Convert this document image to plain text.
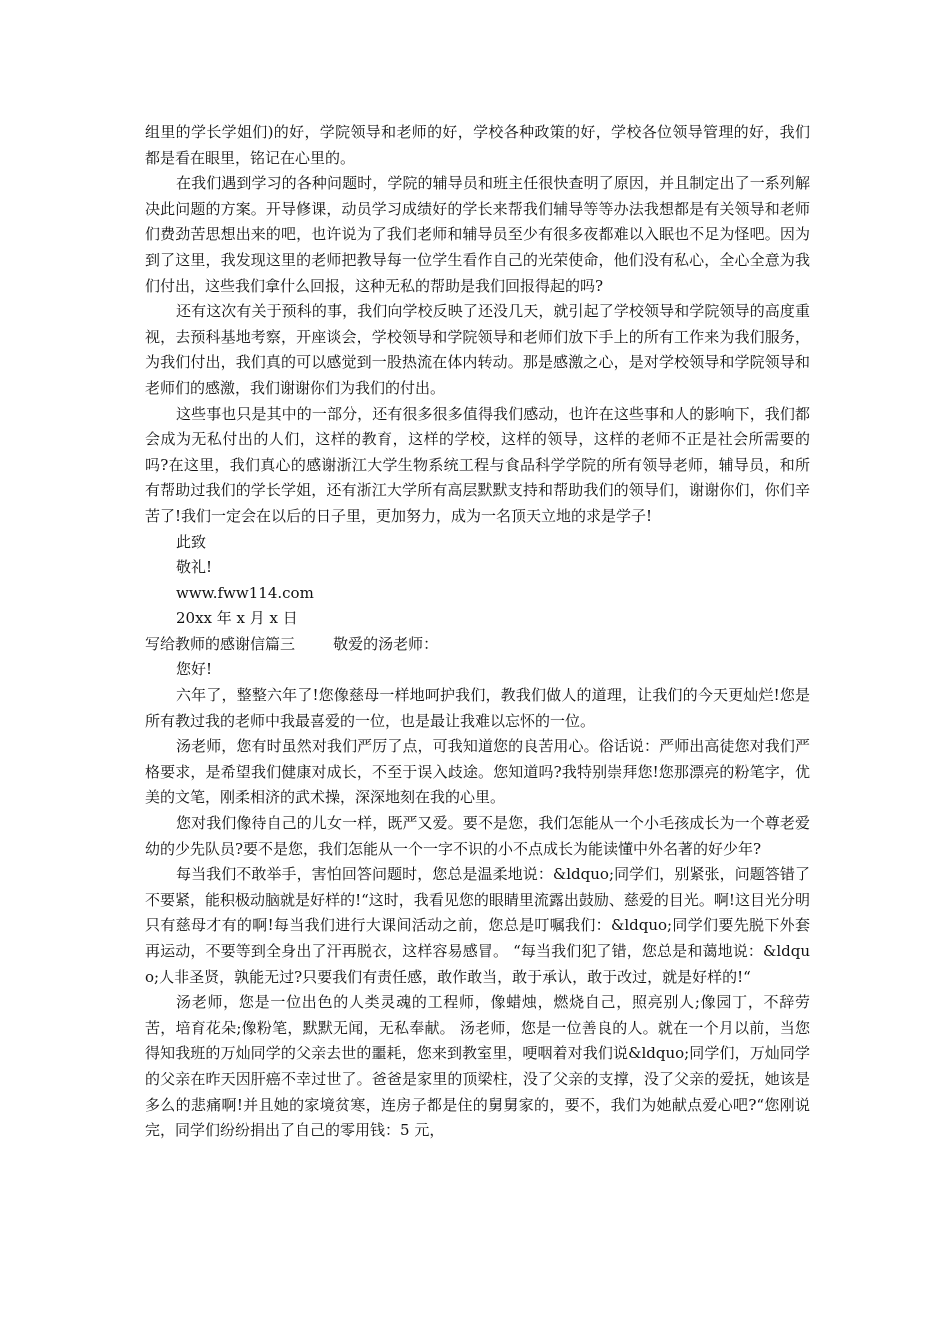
组里的学长学姐们)的好，学院领导和老师的好，学校各种政策的好，学校各位领导管理的好，我们都是看在眼里，铭记在心里的。

在我们遇到学习的各种问题时，学院的辅导员和班主任很快查明了原因，并且制定出了一系列解决此问题的方案。开导修课，动员学习成绩好的学长来帮我们辅导等等办法我想都是有关领导和老师们费劲苦思想出来的吧，也许说为了我们老师和辅导员至少有很多夜都难以入眠也不足为怪吧。因为到了这里，我发现这里的老师把教导每一位学生看作自己的光荣使命，他们没有私心，全心全意为我们付出，这些我们拿什么回报，这种无私的帮助是我们回报得起的吗?

还有这次有关于预科的事，我们向学校反映了还没几天，就引起了学校领导和学院领导的高度重视，去预科基地考察，开座谈会，学校领导和学院领导和老师们放下手上的所有工作来为我们服务，为我们付出，我们真的可以感觉到一股热流在体内转动。那是感激之心，是对学校领导和学院领导和老师们的感激，我们谢谢你们为我们的付出。

这些事也只是其中的一部分，还有很多很多值得我们感动，也许在这些事和人的影响下，我们都会成为无私付出的人们，这样的教育，这样的学校，这样的领导，这样的老师不正是社会所需要的吗?在这里，我们真心的感谢浙江大学生物系统工程与食品科学学院的所有领导老师，辅导员，和所有帮助过我们的学长学姐，还有浙江大学所有高层默默支持和帮助我们的领导们，谢谢你们，你们辛苦了!我们一定会在以后的日子里，更加努力，成为一名顶天立地的求是学子!

此致

敬礼!

www.fww114.com

20xx 年 x 月 x 日

写给教师的感谢信篇三	敬爱的汤老师：

您好!

六年了，整整六年了!您像慈母一样地呵护我们，教我们做人的道理，让我们的今天更灿烂!您是所有教过我的老师中我最喜爱的一位，也是最让我难以忘怀的一位。

汤老师，您有时虽然对我们严厉了点，可我知道您的良苦用心。俗话说：严师出高徒您对我们严格要求，是希望我们健康对成长，不至于误入歧途。您知道吗?我特别崇拜您!您那漂亮的粉笔字，优美的文笔，刚柔相济的武术操，深深地刻在我的心里。

您对我们像待自己的儿女一样，既严又爱。要不是您，我们怎能从一个小毛孩成长为一个尊老爱幼的少先队员?要不是您，我们怎能从一个一字不识的小不点成长为能读懂中外名著的好少年?

每当我们不敢举手，害怕回答问题时，您总是温柔地说：&ldquo;同学们，别紧张，问题答错了不要紧，能积极动脑就是好样的!“这时，我看见您的眼睛里流露出鼓励、慈爱的目光。啊!这目光分明只有慈母才有的啊!每当我们进行大课间活动之前，您总是叮嘱我们：&ldquo;同学们要先脱下外套再运动，不要等到全身出了汗再脱衣，这样容易感冒。 “每当我们犯了错，您总是和蔼地说：&ldquo;人非圣贤，孰能无过?只要我们有责任感，敢作敢当，敢于承认，敢于改过，就是好样的!“

汤老师，您是一位出色的人类灵魂的工程师，像蜡烛，燃烧自己，照亮别人;像园丁，不辞劳苦，培育花朵;像粉笔，默默无闻，无私奉献。 汤老师，您是一位善良的人。就在一个月以前，当您得知我班的万灿同学的父亲去世的噩耗，您来到教室里，哽咽着对我们说&ldquo;同学们，万灿同学的父亲在昨天因肝癌不幸过世了。爸爸是家里的顶梁柱，没了父亲的支撑，没了父亲的爱抚，她该是多么的悲痛啊!并且她的家境贫寒，连房子都是住的舅舅家的，要不，我们为她献点爱心吧?“您刚说完，同学们纷纷捐出了自己的零用钱：5 元，
